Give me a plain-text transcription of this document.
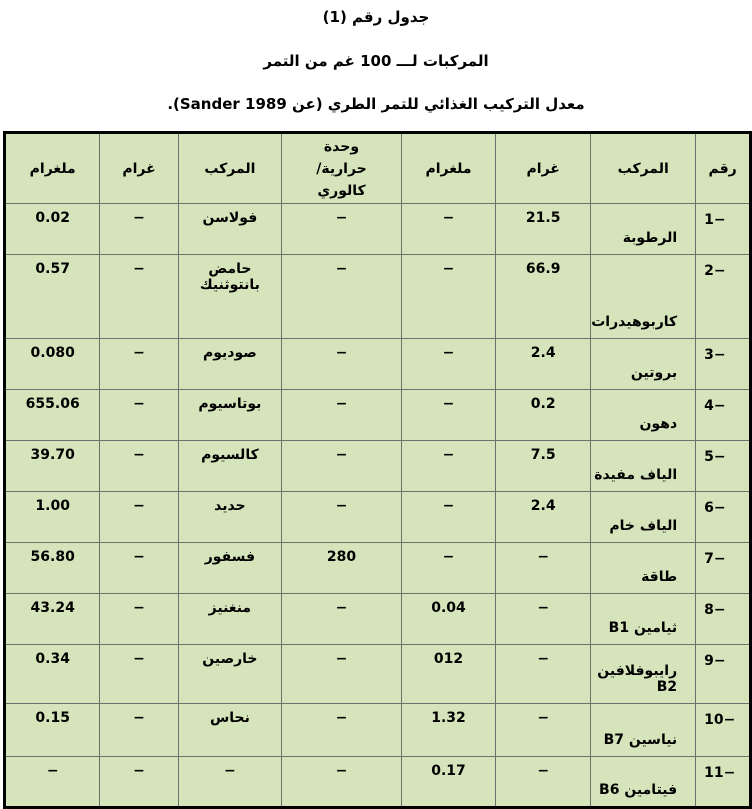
جدول رقم (1)
المركبات لـــ 100 غم من التمر
معدل التركيب الغذائي للتمر الطري (عن Sander 1989).
ملغرام	غرام	المركب	وحدة حرارية/كالوري	ملغرام	غرام	المركب	رقم
0.02	−	فولاسن	−	−	21.5	الرطوبة	1−
0.57	−	حامض بانتوثنيك	−	−	66.9	كاربوهيدرات	2−
0.080	−	صوديوم	−	−	2.4	بروتين	3−
655.06	−	بوتاسيوم	−	−	0.2	دهون	4−
39.70	−	كالسيوم	−	−	7.5	الياف مفيدة	5−
1.00	−	حديد	−	−	2.4	الياف خام	6−
56.80	−	فسفور	280	−	−	طاقة	7−
43.24	−	منغنيز	−	0.04	−	ثيامين B1	8−
0.34	−	خارصين	−	012	−	رايبوفلافين B2	9−
0.15	−	نحاس	−	1.32	−	نياسين B7	10−
−	−	−	−	0.17	−	فيتامين B6	11−
